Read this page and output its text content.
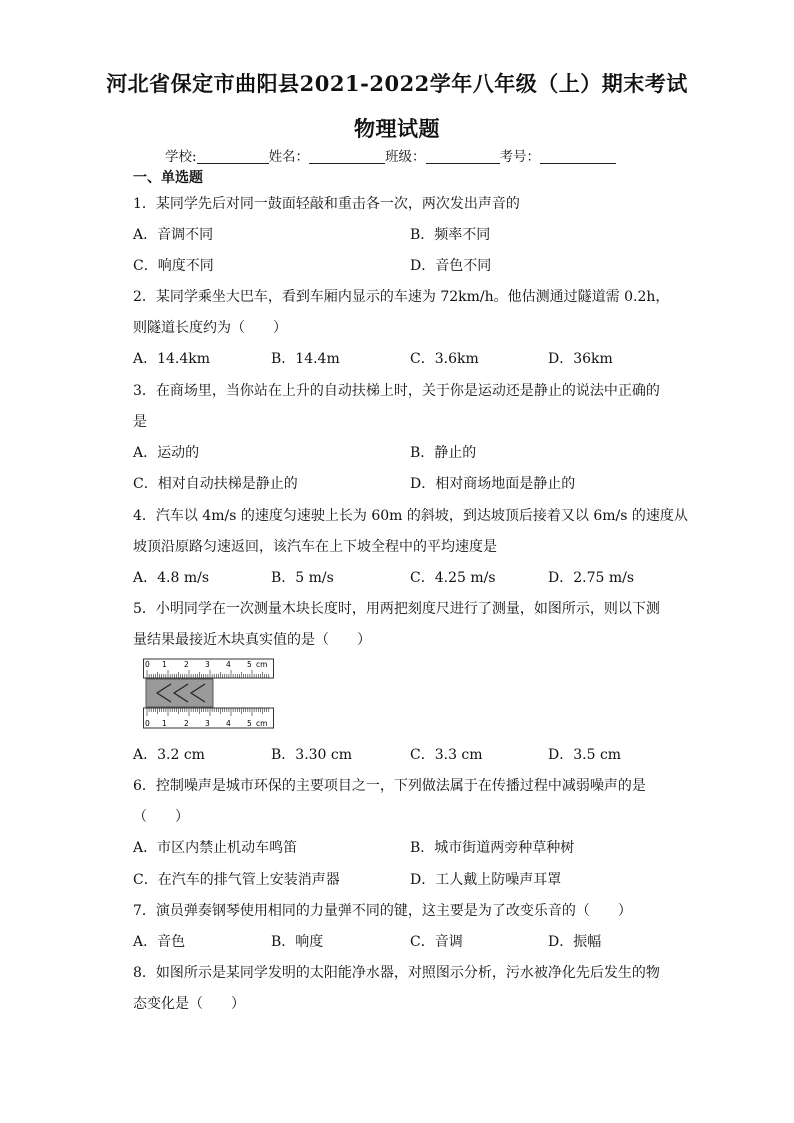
河北省保定市曲阳县2021-2022学年八年级（上）期末考试
物理试题
学校:	姓名：	班级：	考号：
一、单选题
1．某同学先后对同一鼓面轻敲和重击各一次，两次发出声音的
A．音调不同	B．频率不同
C．响度不同	D．音色不同
2．某同学乘坐大巴车，看到车厢内显示的车速为 72km/h。他估测通过隧道需 0.2h，
则隧道长度约为（　　）
A．14.4km	B．14.4m	C．3.6km	D．36km
3．在商场里，当你站在上升的自动扶梯上时，关于你是运动还是静止的说法中正确的
是
A．运动的	B．静止的
C．相对自动扶梯是静止的	D．相对商场地面是静止的
4．汽车以 4m/s 的速度匀速驶上长为 60m 的斜坡，到达坡顶后接着又以 6m/s 的速度从
坡顶沿原路匀速返回，该汽车在上下坡全程中的平均速度是
A．4.8 m/s	B．5 m/s	C．4.25 m/s	D．2.75 m/s
5．小明同学在一次测量木块长度时，用两把刻度尺进行了测量，如图所示，则以下测
量结果最接近木块真实值的是（　　）
0 1 2 3 4 5 cm
0 1 2 3 4 5 cm
A．3.2 cm	B．3.30 cm	C．3.3 cm	D．3.5 cm
6．控制噪声是城市环保的主要项目之一，下列做法属于在传播过程中减弱噪声的是
（　　）
A．市区内禁止机动车鸣笛	B．城市街道两旁种草种树
C．在汽车的排气管上安装消声器	D．工人戴上防噪声耳罩
7．演员弹奏钢琴使用相同的力量弹不同的键，这主要是为了改变乐音的（　　）
A．音色	B．响度	C．音调	D．振幅
8．如图所示是某同学发明的太阳能净水器，对照图示分析，污水被净化先后发生的物
态变化是（　　）
